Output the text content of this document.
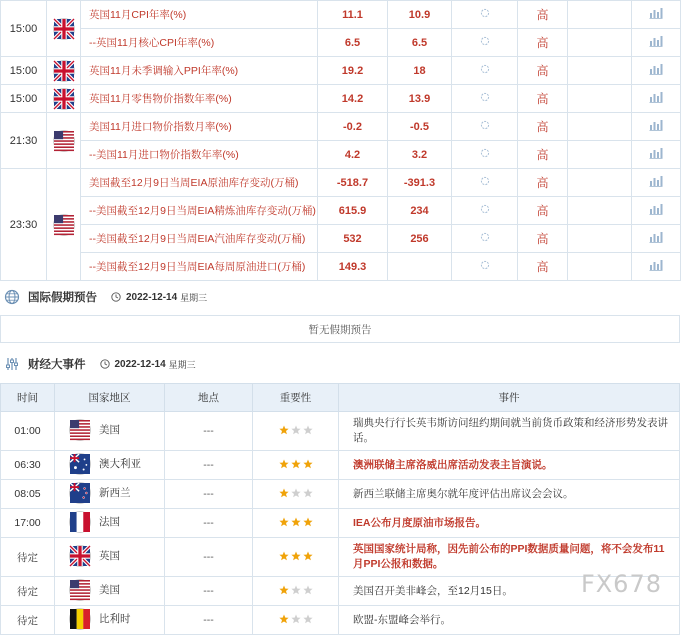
15:00		英国11月CPI年率(%)	11.1	10.9		高		
		--英国11月核心CPI年率(%)	6.5	6.5		高		
15:00		英国11月未季调输入PPI年率(%)	19.2	18		高		
15:00		英国11月零售物价指数年率(%)	14.2	13.9		高		
21:30		美国11月进口物价指数月率(%)	-0.2	-0.5		高		
		--美国11月进口物价指数年率(%)	4.2	3.2		高		
23:30		美国截至12月9日当周EIA原油库存变动(万桶)	-518.7	-391.3		高		
		--美国截至12月9日当周EIA精炼油库存变动(万桶)	615.9	234		高		
		--美国截至12月9日当周EIA汽油库存变动(万桶)	532	256		高		
		--美国截至12月9日当周EIA每周原油进口(万桶)	149.3			高		
国际假期预告	2022-12-14 星期三
暂无假期预告
财经大事件	2022-12-14 星期三
时间	国家地区	地点	重要性	事件
01:00	美国	---		瑞典央行行长英韦斯访问纽约期间就当前货币政策和经济形势发表讲话。
06:30	澳大利亚	---		澳洲联储主席洛威出席活动发表主旨演说。
08:05	新西兰	---		新西兰联储主席奥尔就年度评估出席议会会议。
17:00	法国	---		IEA公布月度原油市场报告。
待定	英国	---		英国国家统计局称，因先前公布的PPI数据质量问题，将不会发布11月PPI公报和数据。
待定	美国	---		美国召开美非峰会，至12月15日。
待定	比利时	---		欧盟-东盟峰会举行。
FX678
